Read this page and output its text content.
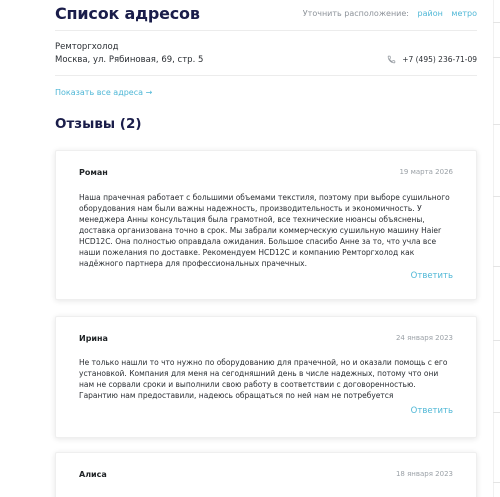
Список адресов	Уточнить расположение: район метро
Ремторгхолод
Москва, ул. Рябиновая, 69, стр. 5	+7 (495) 236-71-09
Показать все адреса →
Отзывы (2)
Роман	19 марта 2026
Наша прачечная работает с большими объемами текстиля, поэтому при выборе сушильного оборудования нам были важны надежность, производительность и экономичность. У менеджера Анны консультация была грамотной, все технические нюансы объяснены, доставка организована точно в срок. Мы забрали коммерческую сушильную машину Haier HCD12C. Она полностью оправдала ожидания. Большое спасибо Анне за то, что учла все наши пожелания по доставке. Рекомендуем HCD12C и компанию Ремторгхолод как надёжного партнера для профессиональных прачечных.
Ответить
Ирина	24 января 2023
Не только нашли то что нужно по оборудованию для прачечной, но и оказали помощь с его установкой. Компания для меня на сегодняшний день в числе надежных, потому что они нам не сорвали сроки и выполнили свою работу в соответствии с договоренностью. Гарантию нам предоставили, надеюсь обращаться по ней нам не потребуется
Ответить
Алиса	18 января 2023
